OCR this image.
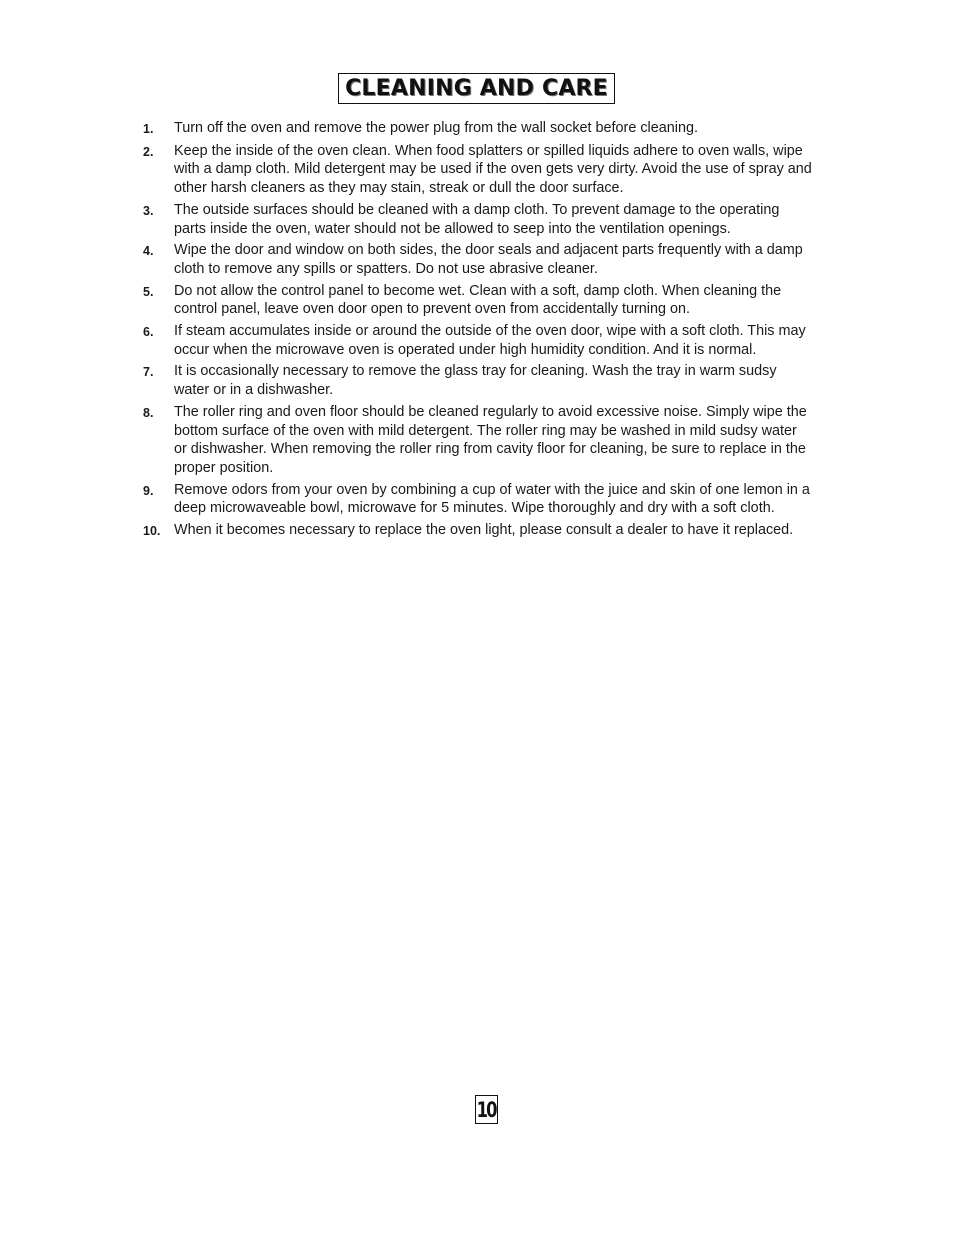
CLEANING AND CARE
1.	Turn off the oven and remove the power plug from the wall socket before cleaning.
2.	Keep the inside of the oven clean. When food splatters or spilled liquids adhere to oven walls, wipe with a damp cloth. Mild detergent may be used if the oven gets very dirty. Avoid the use of spray and other harsh cleaners as they may stain, streak or dull the door surface.
3.	The outside surfaces should be cleaned with a damp cloth. To prevent damage to the operating parts inside the oven, water should not be allowed to seep into the ventilation openings.
4.	Wipe the door and window on both sides, the door seals and adjacent parts frequently with a damp cloth to remove any spills or spatters. Do not use abrasive cleaner.
5.	Do not allow the control panel to become wet. Clean with a soft, damp cloth. When cleaning the control panel, leave oven door open to prevent oven from accidentally turning on.
6.	If steam accumulates inside or around the outside of the oven door, wipe with a soft cloth. This may occur when the microwave oven is operated under high humidity condition. And it is normal.
7.	It is occasionally necessary to remove the glass tray for cleaning. Wash the tray in warm sudsy water or in a dishwasher.
8.	The roller ring and oven floor should be cleaned regularly to avoid excessive noise. Simply wipe the bottom surface of the oven with mild detergent. The roller ring may be washed in mild sudsy water or dishwasher. When removing the roller ring from cavity floor for cleaning, be sure to replace in the proper position.
9.	Remove odors from your oven by combining a cup of water with the juice and skin of one lemon in a deep microwaveable bowl, microwave for 5 minutes. Wipe thoroughly and dry with a soft cloth.
10. When it becomes necessary to replace the oven light, please consult a dealer to have it replaced.
10
